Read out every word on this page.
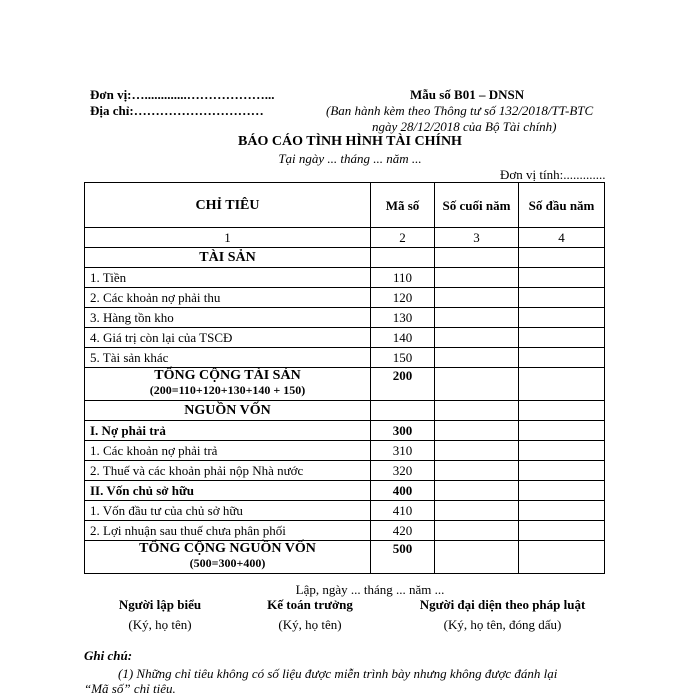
Đơn vị:….............………………...
Địa chỉ:…………………………
Mẫu số B01 – DNSN
(Ban hành kèm theo Thông tư số 132/2018/TT-BTC
ngày 28/12/2018 của Bộ Tài chính)
BÁO CÁO TÌNH HÌNH TÀI CHÍNH
Tại ngày ... tháng ... năm ...
Đơn vị tính:.............
CHỈ TIÊU	Mã số	Số cuối năm	Số đầu năm
1	2	3	4
TÀI SẢN			
1. Tiền	110		
2. Các khoản nợ phải thu	120		
3. Hàng tồn kho	130		
4. Giá trị còn lại của TSCĐ	140		
5. Tài sản khác	150		

TỔNG CỘNG TÀI SẢN
(200=110+120+130+140 + 150)	200		
NGUỒN VỐN			
I. Nợ phải trả	300		
1. Các khoản nợ phải trả	310		
2. Thuế và các khoản phải nộp Nhà nước	320		
II. Vốn chủ sở hữu	400		
1. Vốn đầu tư của chủ sở hữu	410		
2. Lợi nhuận sau thuế chưa phân phối	420		

TỔNG CỘNG NGUỒN VỐN
(500=300+400)	500		
Lập, ngày ... tháng ... năm ...
Người lập biểu
(Ký, họ tên)
Kế toán trưởng
(Ký, họ tên)
Người đại diện theo pháp luật
(Ký, họ tên, đóng dấu)
Ghi chú:
(1) Những chỉ tiêu không có số liệu được miễn trình bày nhưng không được đánh lại
“Mã số” chỉ tiêu.
